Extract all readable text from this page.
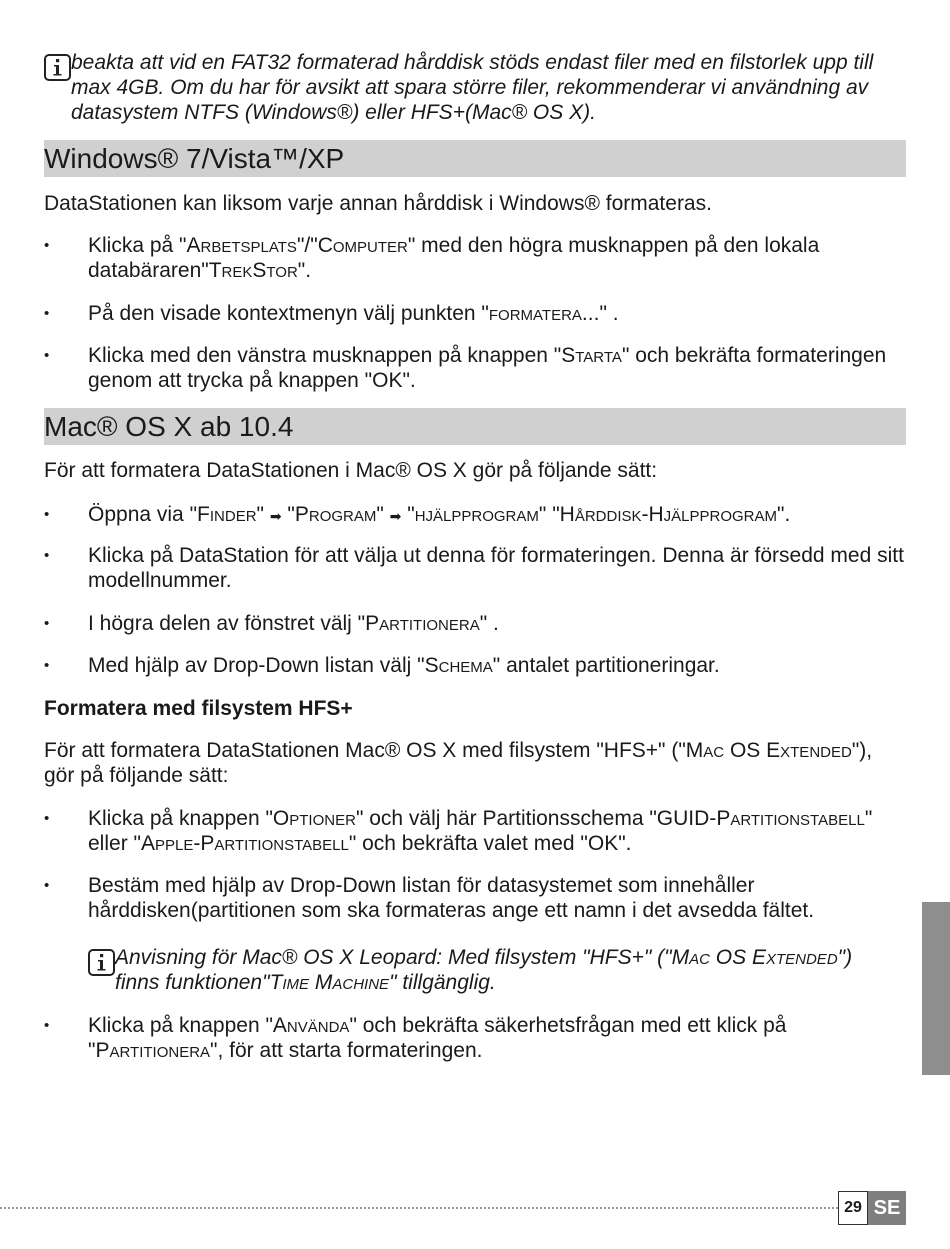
beakta att vid en FAT32 formaterad hårddisk stöds endast filer med en filstorlek upp till max 4GB. Om du har för avsikt att spara större filer, rekommenderar vi användning av datasystem NTFS (Windows®) eller HFS+(Mac® OS X).

Windows® 7/Vista™/XP

DataStationen kan liksom varje annan hårddisk i Windows® formateras.

•	Klicka på "Arbetsplats"/"Computer" med den högra musknappen på den lokala databäraren"TrekStor".
•	På den visade kontextmenyn välj punkten "formatera..." .
•	Klicka med den vänstra musknappen på knappen "Starta" och bekräfta formateringen genom att trycka på knappen "OK".
Mac® OS X ab 10.4

För att formatera DataStationen i Mac® OS X gör på följande sätt:

•	Öppna via "Finder" ➡ "Program" ➡ "hjälpprogram" "Hårddisk-Hjälpprogram".
•	Klicka på DataStation för att välja ut denna för formateringen. Denna är försedd med sitt modellnummer.
•	I högra delen av fönstret välj "Partitionera" .
•	Med hjälp av Drop-Down listan välj "Schema" antalet partitioneringar.
Formatera med filsystem HFS+

För att formatera DataStationen Mac® OS X med filsystem "HFS+" ("Mac OS Extended"), gör på följande sätt:

•	Klicka på knappen "Optioner" och välj här Partitionsschema "GUID-Partitionstabell" eller "Apple-Partitionstabell" och bekräfta valet med "OK".
•	Bestäm med hjälp av Drop-Down listan för datasystemet som innehåller hårddisken(partitionen som ska formateras ange ett namn i det avsedda fältet.

Anvisning för Mac® OS X Leopard: Med filsystem "HFS+" ("Mac OS Extended") finns funktionen"Time Machine" tillgänglig.

•	Klicka på knappen "Använda" och bekräfta säkerhetsfrågan med ett klick på "Partitionera", för att starta formateringen.
29 SE
